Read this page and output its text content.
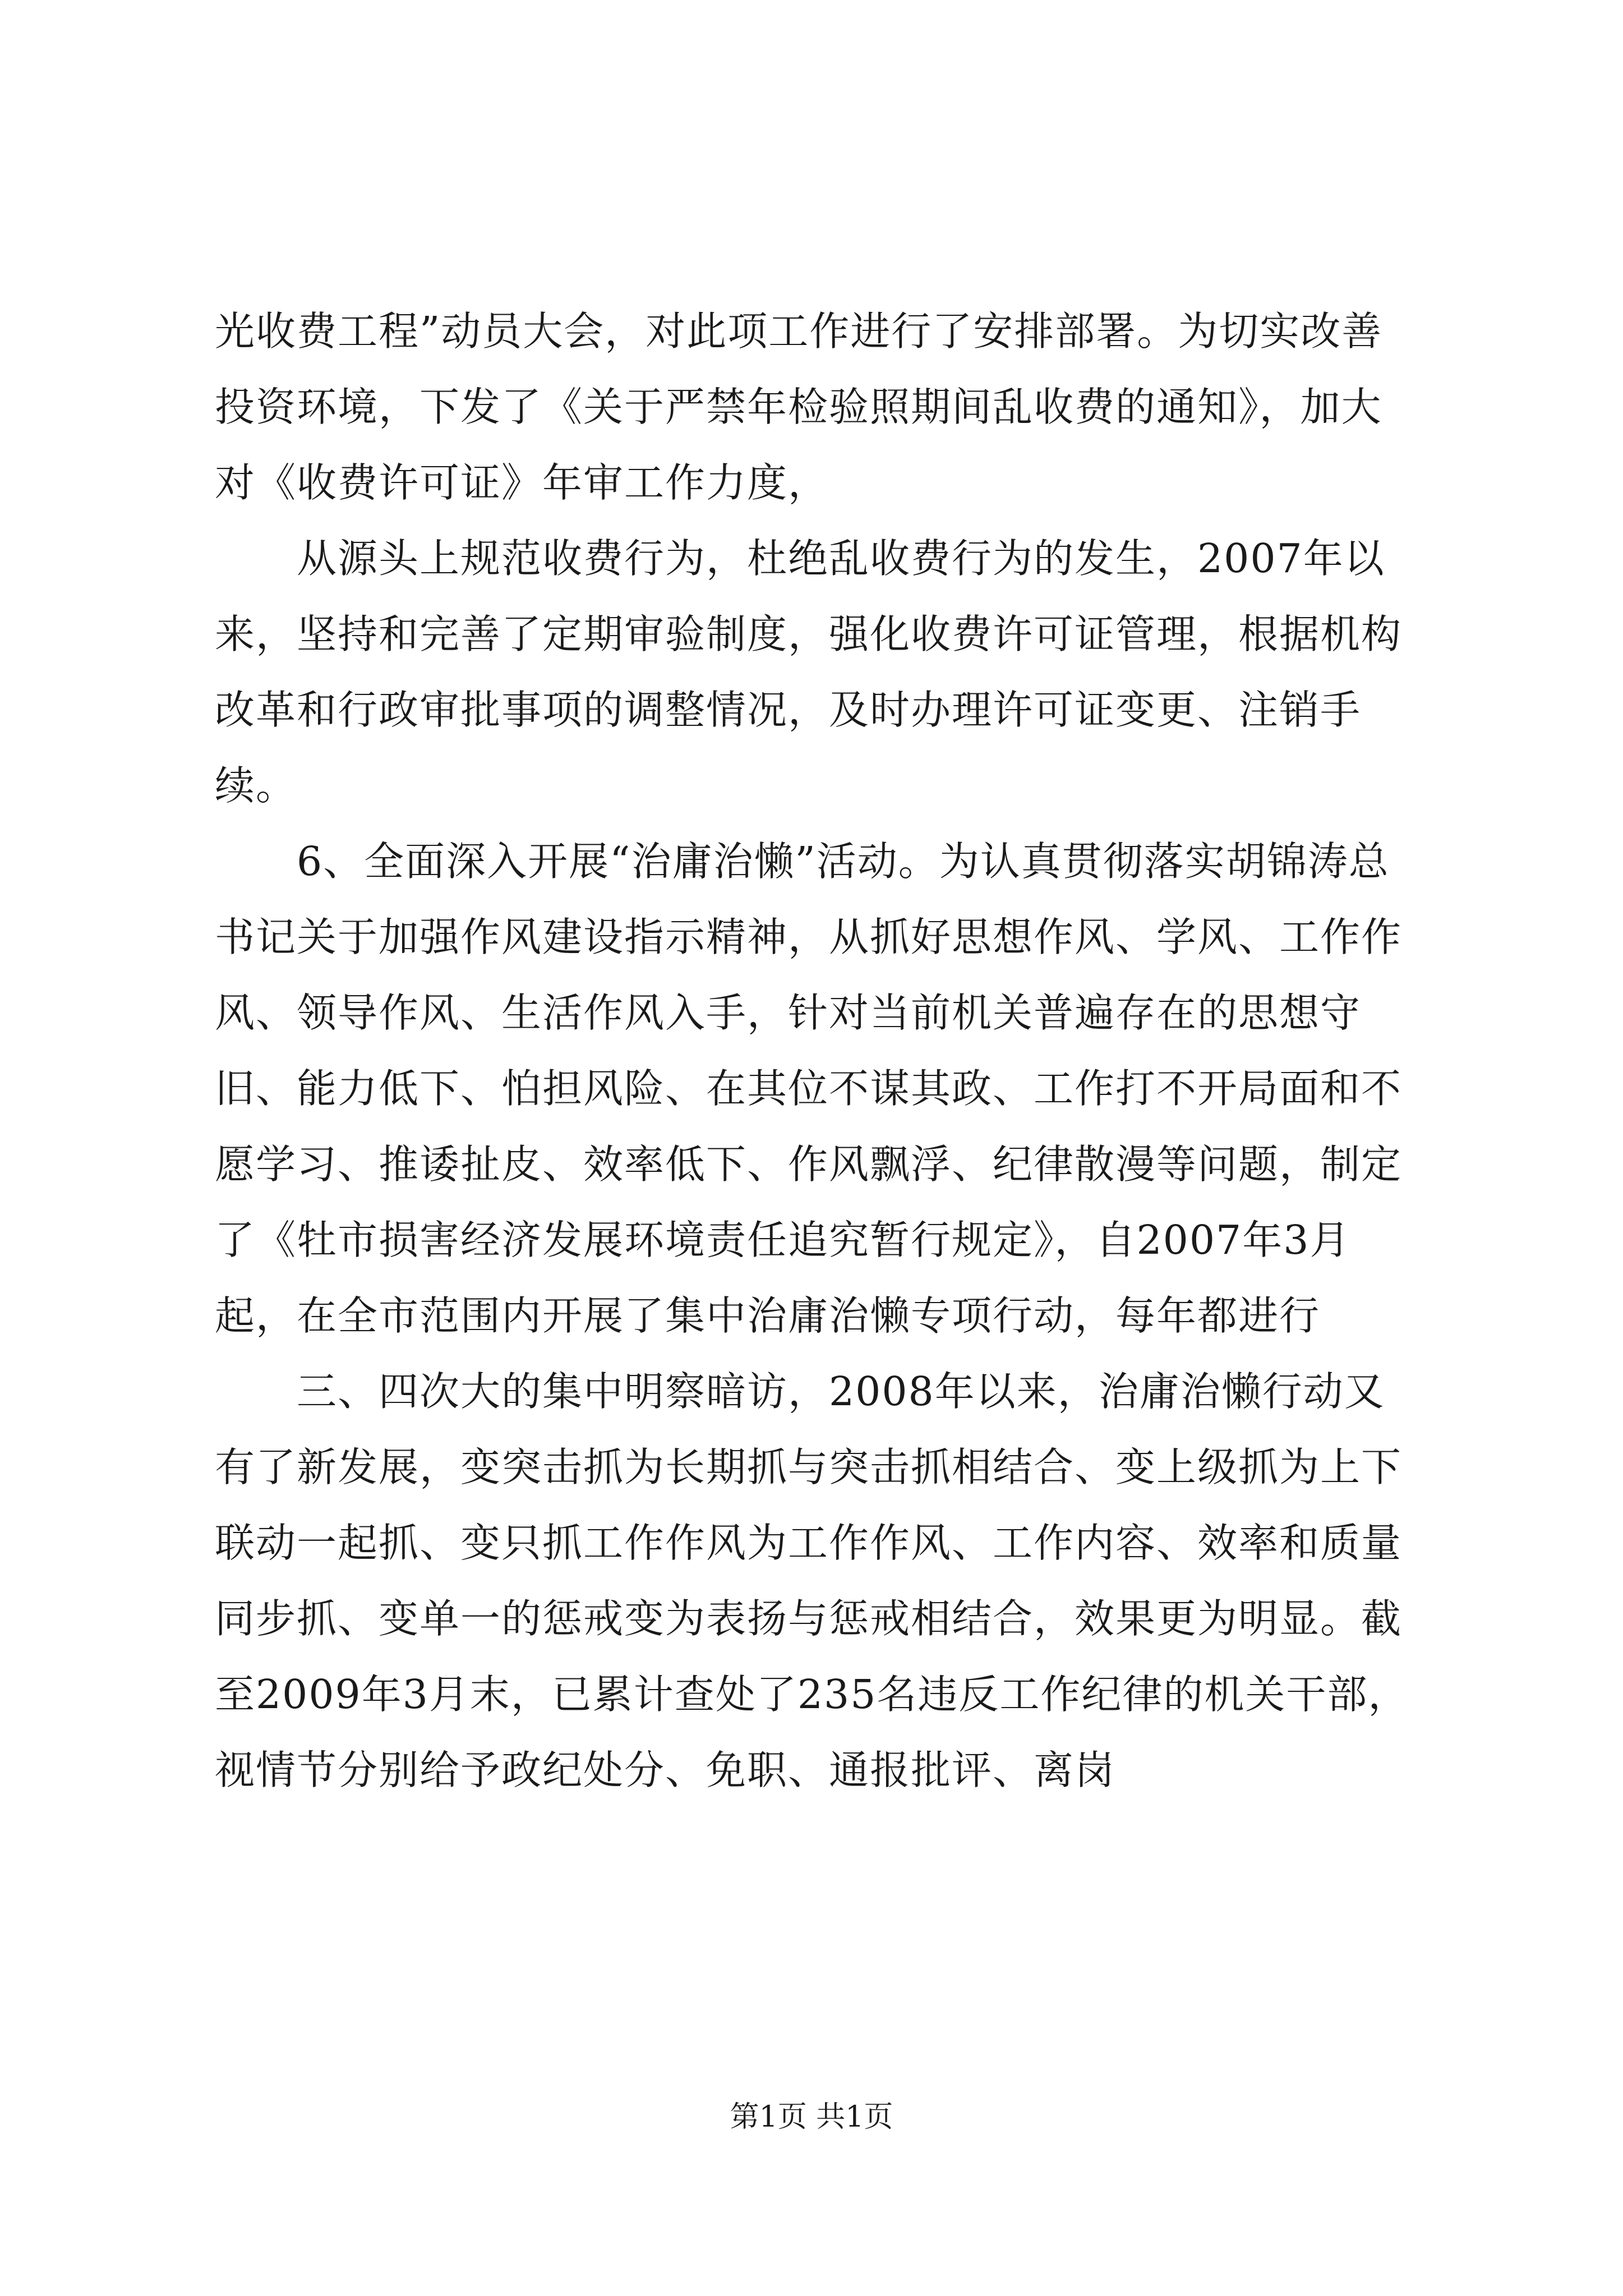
光收费工程”动员大会，对此项工作进行了安排部署。为切实改善投资环境，下发了《关于严禁年检验照期间乱收费的通知》，加大对《收费许可证》年审工作力度，

从源头上规范收费行为，杜绝乱收费行为的发生，2007年以来，坚持和完善了定期审验制度，强化收费许可证管理，根据机构改革和行政审批事项的调整情况，及时办理许可证变更、注销手续。

6、全面深入开展“治庸治懒”活动。为认真贯彻落实胡锦涛总书记关于加强作风建设指示精神，从抓好思想作风、学风、工作作风、领导作风、生活作风入手，针对当前机关普遍存在的思想守旧、能力低下、怕担风险、在其位不谋其政、工作打不开局面和不愿学习、推诿扯皮、效率低下、作风飘浮、纪律散漫等问题，制定了《牡市损害经济发展环境责任追究暂行规定》，自2007年3月起，在全市范围内开展了集中治庸治懒专项行动，每年都进行

三、四次大的集中明察暗访，2008年以来，治庸治懒行动又有了新发展，变突击抓为长期抓与突击抓相结合、变上级抓为上下联动一起抓、变只抓工作作风为工作作风、工作内容、效率和质量同步抓、变单一的惩戒变为表扬与惩戒相结合，效果更为明显。截至2009年3月末，已累计查处了235名违反工作纪律的机关干部，视情节分别给予政纪处分、免职、通报批评、离岗

第1页 共1页
